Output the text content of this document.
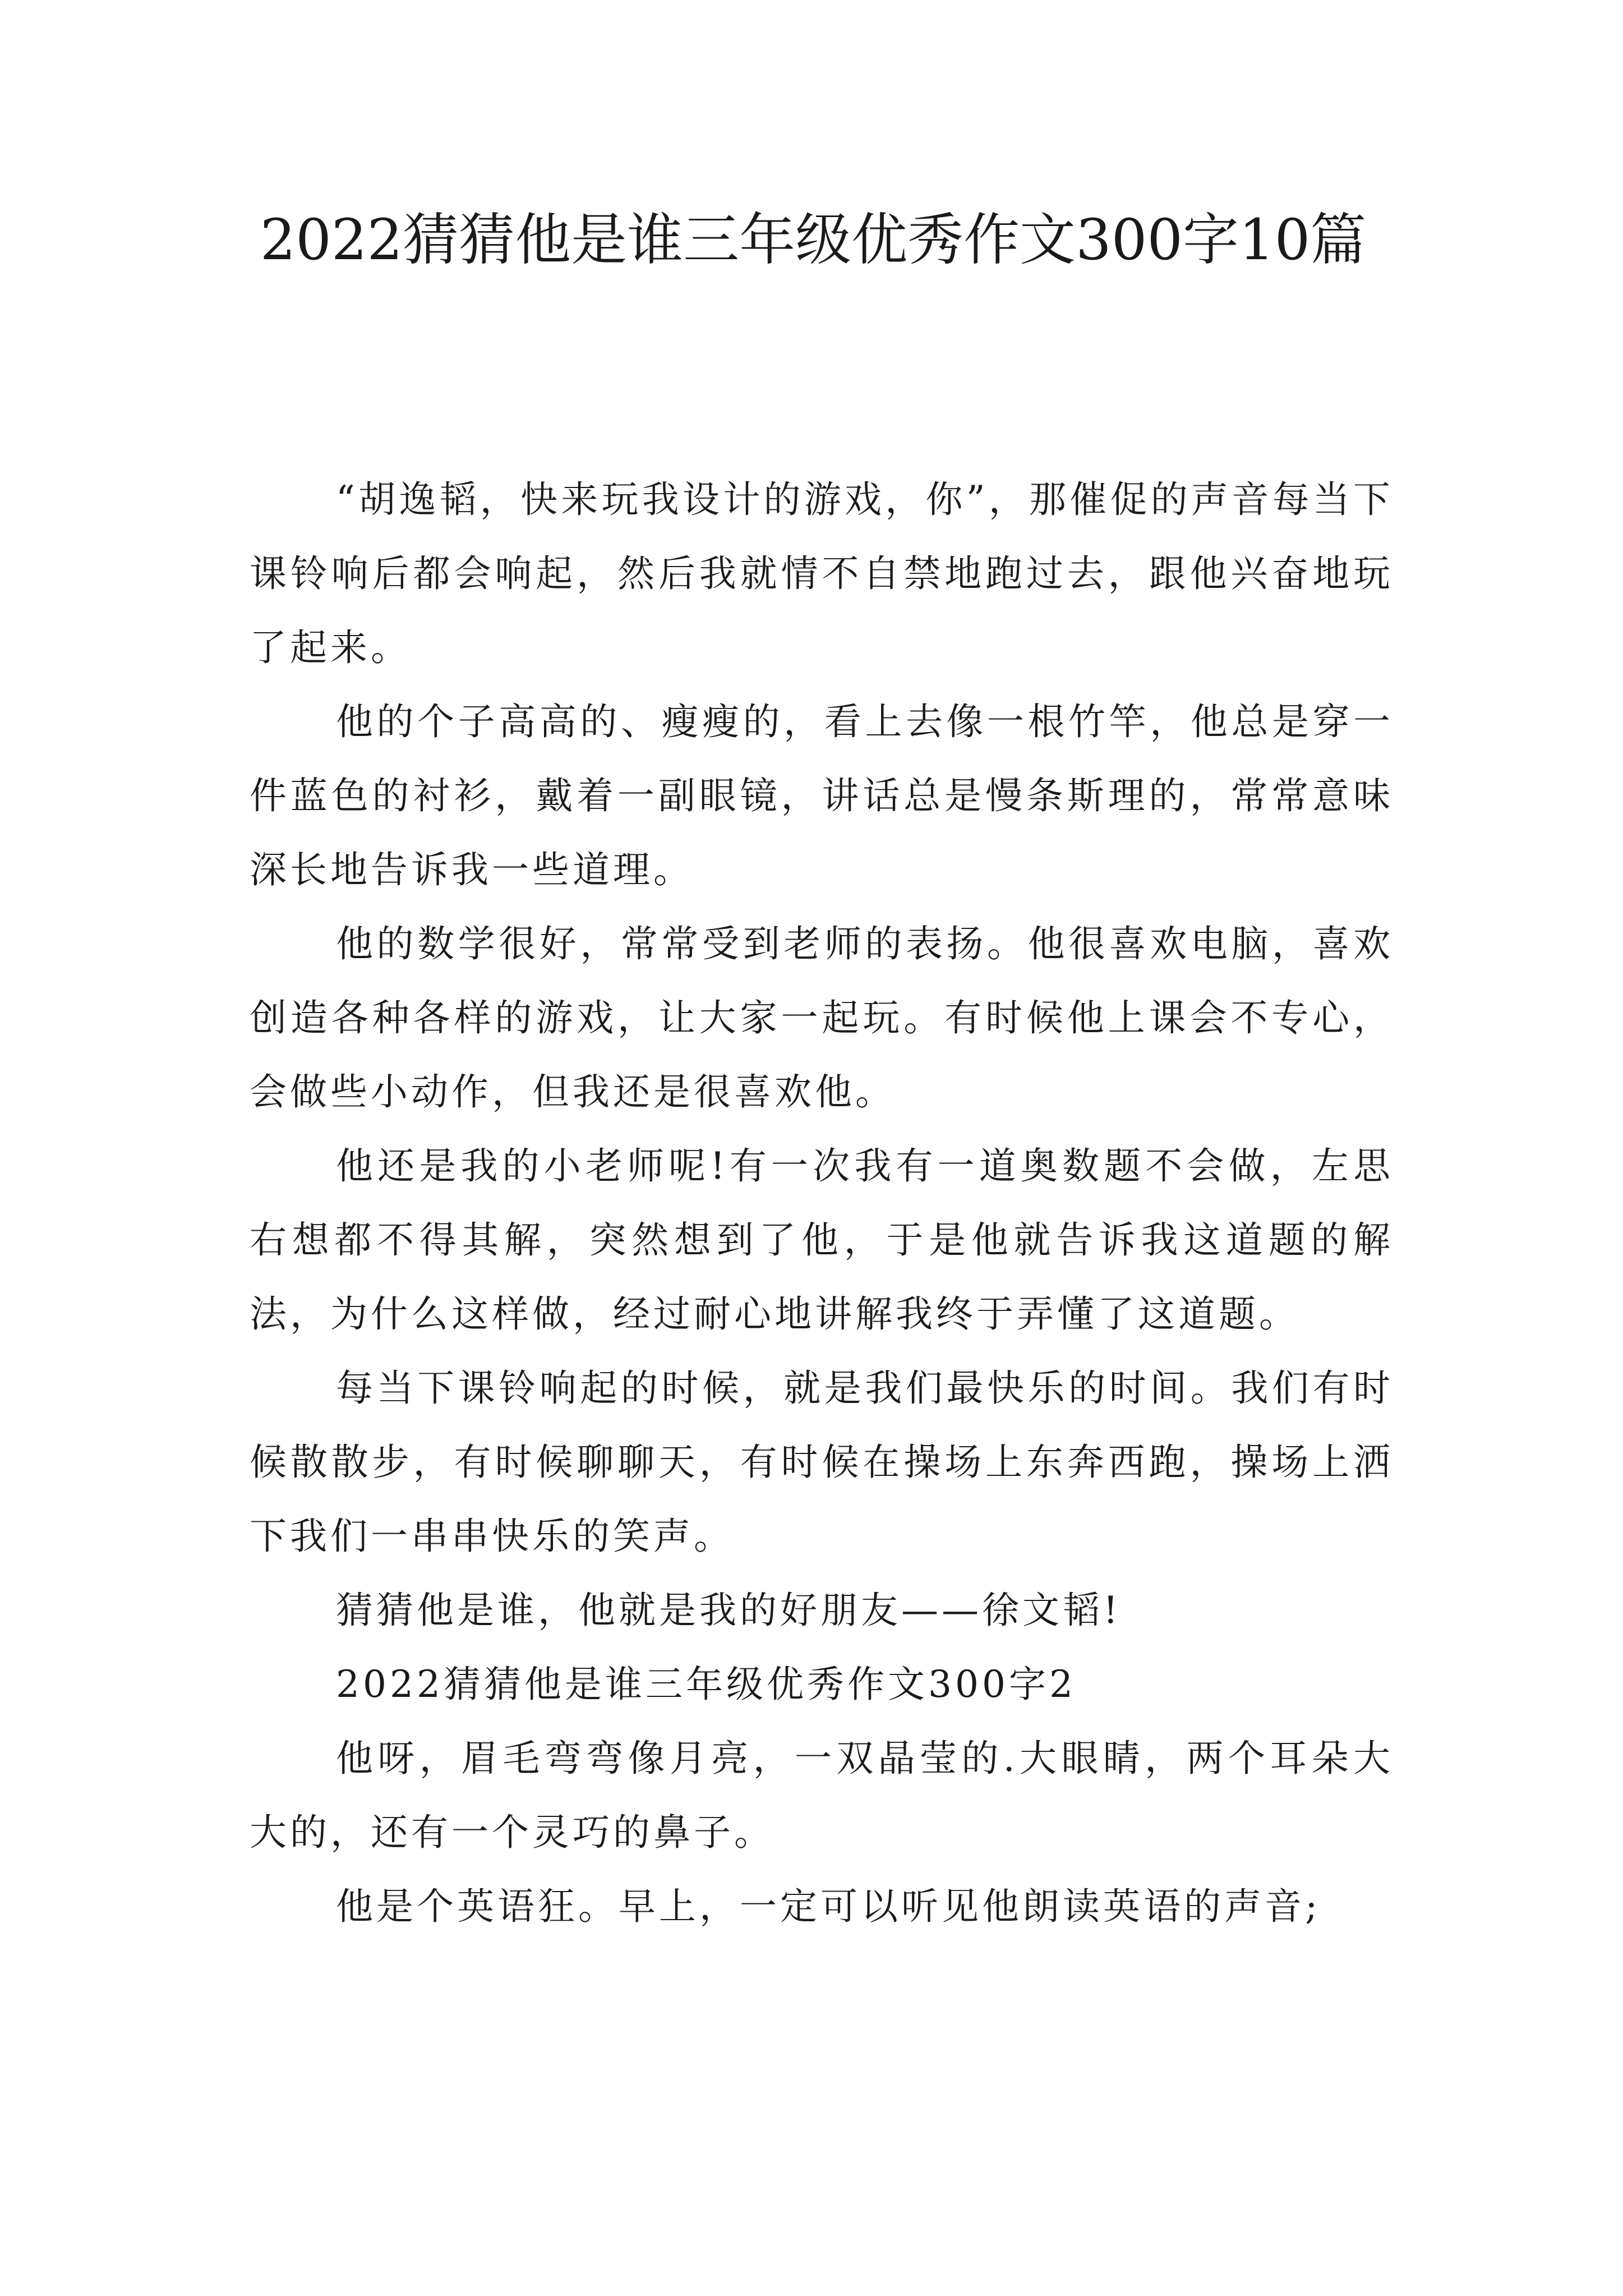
2022猜猜他是谁三年级优秀作文300字10篇

“胡逸韬，快来玩我设计的游戏，你”，那催促的声音每当下课铃响后都会响起，然后我就情不自禁地跑过去，跟他兴奋地玩了起来。

他的个子高高的、瘦瘦的，看上去像一根竹竿，他总是穿一件蓝色的衬衫，戴着一副眼镜，讲话总是慢条斯理的，常常意味深长地告诉我一些道理。

他的数学很好，常常受到老师的表扬。他很喜欢电脑，喜欢创造各种各样的游戏，让大家一起玩。有时候他上课会不专心，会做些小动作，但我还是很喜欢他。

他还是我的小老师呢!有一次我有一道奥数题不会做，左思右想都不得其解，突然想到了他，于是他就告诉我这道题的解法，为什么这样做，经过耐心地讲解我终于弄懂了这道题。

每当下课铃响起的时候，就是我们最快乐的时间。我们有时候散散步，有时候聊聊天，有时候在操场上东奔西跑，操场上洒下我们一串串快乐的笑声。

猜猜他是谁，他就是我的好朋友——徐文韬!

2022猜猜他是谁三年级优秀作文300字2

他呀，眉毛弯弯像月亮，一双晶莹的.大眼睛，两个耳朵大大的，还有一个灵巧的鼻子。

他是个英语狂。早上，一定可以听见他朗读英语的声音;
